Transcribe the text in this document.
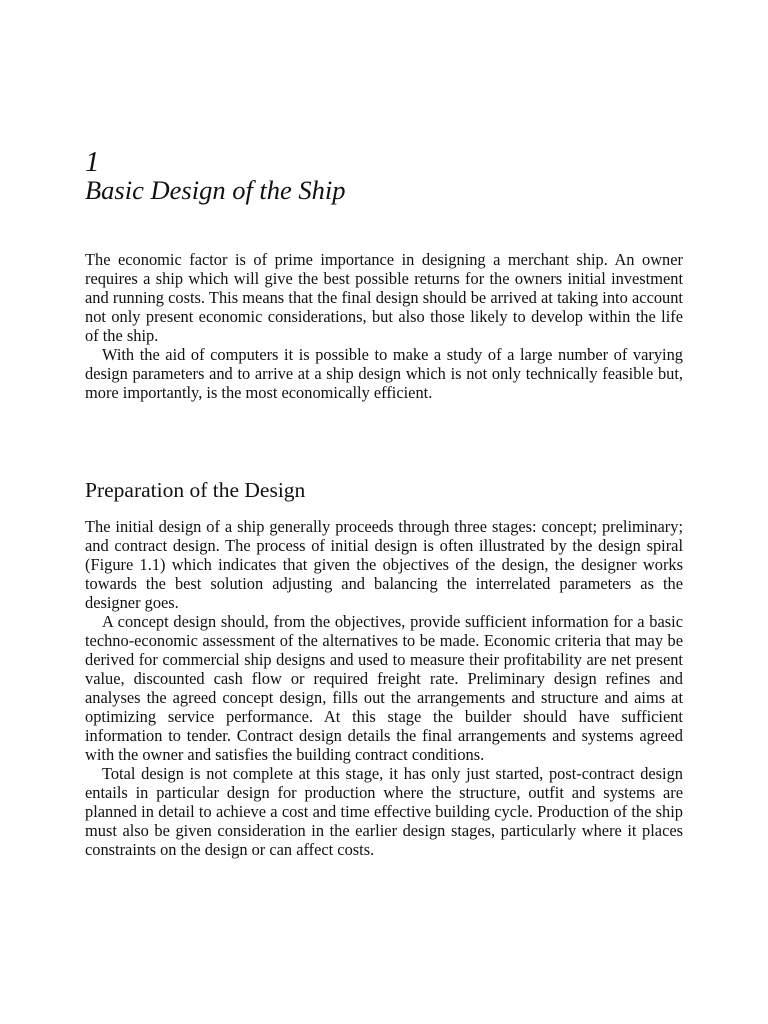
1
Basic Design of the Ship

The economic factor is of prime importance in designing a merchant ship. An owner requires a ship which will give the best possible returns for the owners initial investment and running costs. This means that the final design should be arrived at taking into account not only present economic considerations, but also those likely to develop within the life of the ship.

With the aid of computers it is possible to make a study of a large number of varying design parameters and to arrive at a ship design which is not only technically feasible but, more importantly, is the most economically efficient.

Preparation of the Design

The initial design of a ship generally proceeds through three stages: concept; preliminary; and contract design. The process of initial design is often illustrated by the design spiral (Figure 1.1) which indicates that given the objectives of the design, the designer works towards the best solution adjusting and balancing the interrelated parameters as the designer goes.

A concept design should, from the objectives, provide sufficient information for a basic techno-economic assessment of the alternatives to be made. Economic criteria that may be derived for commercial ship designs and used to measure their profitability are net present value, discounted cash flow or required freight rate. Preliminary design refines and analyses the agreed concept design, fills out the arrangements and structure and aims at optimizing service performance. At this stage the builder should have sufficient information to tender. Contract design details the final arrangements and systems agreed with the owner and satisfies the building contract conditions.

Total design is not complete at this stage, it has only just started, post-contract design entails in particular design for production where the structure, outfit and systems are planned in detail to achieve a cost and time effective building cycle. Production of the ship must also be given consideration in the earlier design stages, particularly where it places constraints on the design or can affect costs.
